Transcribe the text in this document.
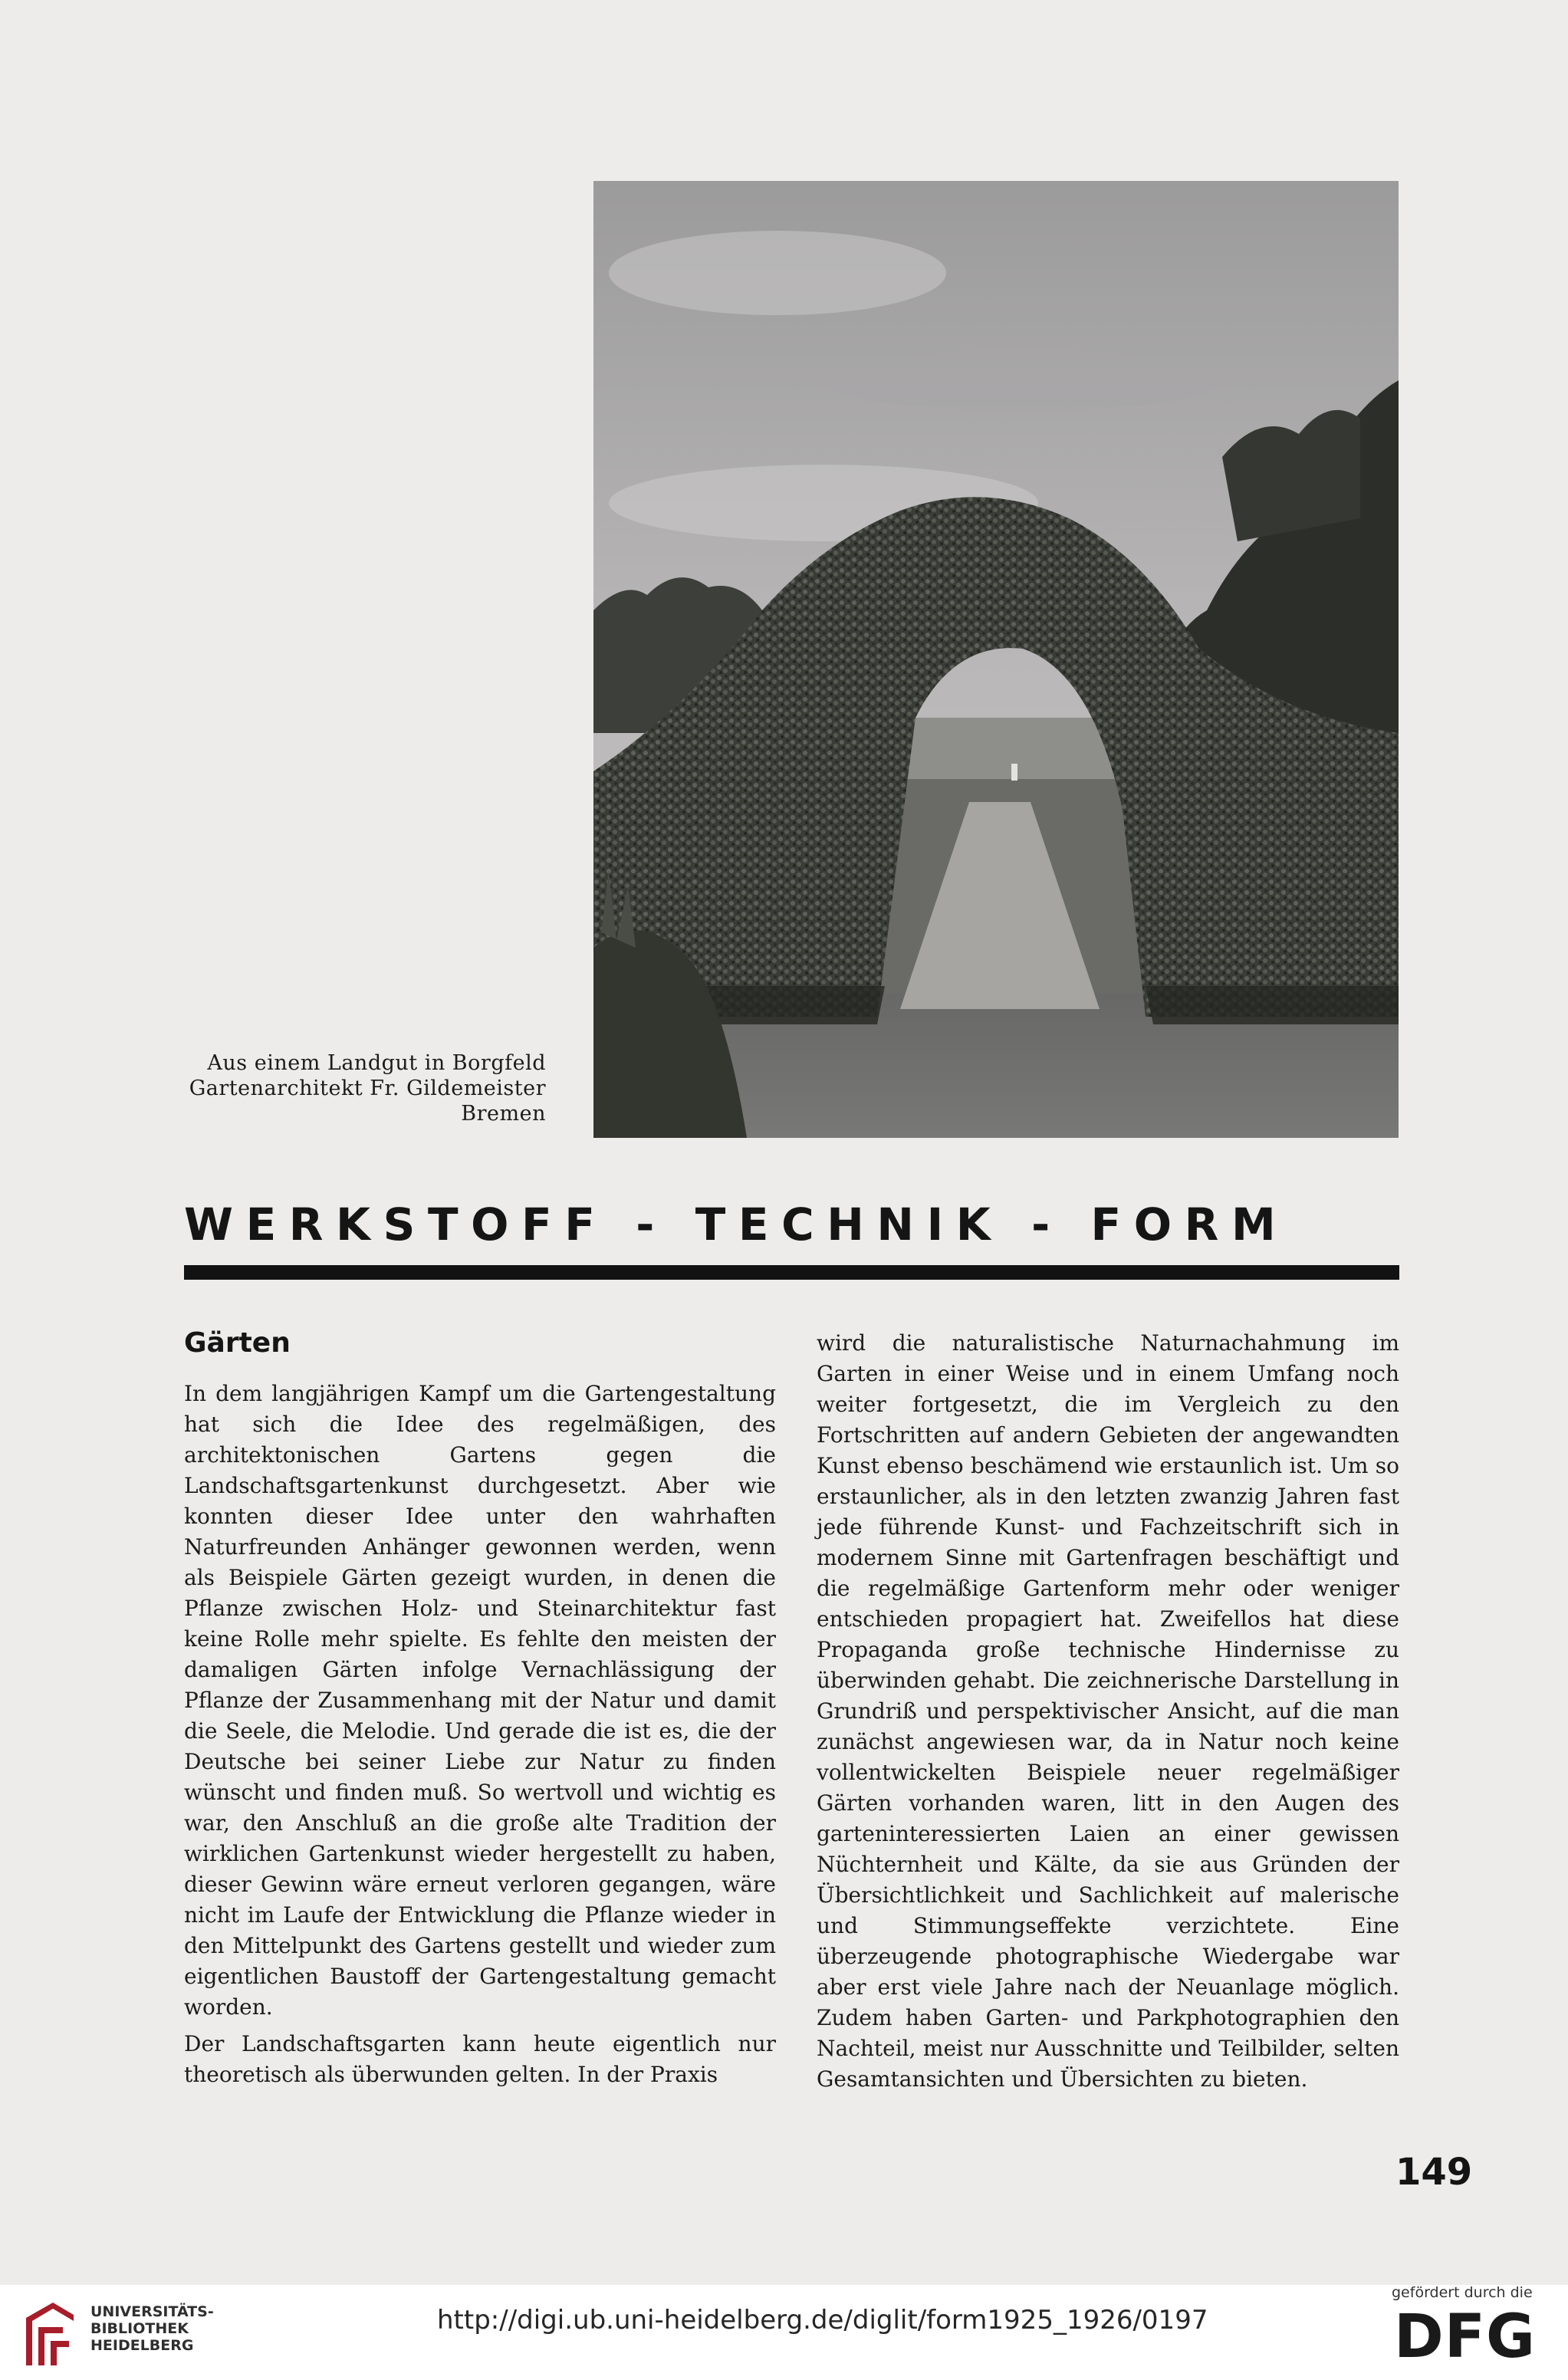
Aus einem Landgut in Borgfeld
Gartenarchitekt Fr. Gildemeister
Bremen
WERKSTOFF - TECHNIK - FORM
Gärten

In dem langjährigen Kampf um die Gartengestaltung hat sich die Idee des regelmäßigen, des architektonischen Gartens gegen die Landschaftsgartenkunst durchgesetzt. Aber wie konnten dieser Idee unter den wahrhaften Naturfreunden Anhänger gewonnen werden, wenn als Beispiele Gärten gezeigt wurden, in denen die Pflanze zwischen Holz- und Steinarchitektur fast keine Rolle mehr spielte. Es fehlte den meisten der damaligen Gärten infolge Vernachlässigung der Pflanze der Zusammenhang mit der Natur und damit die Seele, die Melodie. Und gerade die ist es, die der Deutsche bei seiner Liebe zur Natur zu finden wünscht und finden muß. So wertvoll und wichtig es war, den Anschluß an die große alte Tradition der wirklichen Gartenkunst wieder hergestellt zu haben, dieser Gewinn wäre erneut verloren gegangen, wäre nicht im Laufe der Entwicklung die Pflanze wieder in den Mittelpunkt des Gartens gestellt und wieder zum eigentlichen Baustoff der Gartengestaltung gemacht worden.

Der Landschaftsgarten kann heute eigentlich nur theoretisch als überwunden gelten. In der Praxis

wird die naturalistische Naturnachahmung im Garten in einer Weise und in einem Umfang noch weiter fortgesetzt, die im Vergleich zu den Fortschritten auf andern Gebieten der angewandten Kunst ebenso beschämend wie erstaunlich ist. Um so erstaunlicher, als in den letzten zwanzig Jahren fast jede führende Kunst- und Fachzeitschrift sich in modernem Sinne mit Gartenfragen beschäftigt und die regelmäßige Gartenform mehr oder weniger entschieden propagiert hat. Zweifellos hat diese Propaganda große technische Hindernisse zu überwinden gehabt. Die zeichnerische Darstellung in Grundriß und perspektivischer Ansicht, auf die man zunächst angewiesen war, da in Natur noch keine vollentwickelten Beispiele neuer regelmäßiger Gärten vorhanden waren, litt in den Augen des garteninteressierten Laien an einer gewissen Nüchternheit und Kälte, da sie aus Gründen der Übersichtlichkeit und Sachlichkeit auf malerische und Stimmungseffekte verzichtete. Eine überzeugende photographische Wiedergabe war aber erst viele Jahre nach der Neuanlage möglich. Zudem haben Garten- und Parkphotographien den Nachteil, meist nur Ausschnitte und Teilbilder, selten Gesamtansichten und Übersichten zu bieten.

149
UNIVERSITÄTS-
BIBLIOTHEK
HEIDELBERG
http://digi.ub.uni-heidelberg.de/diglit/form1925_1926/0197
gefördert durch die
DFG
